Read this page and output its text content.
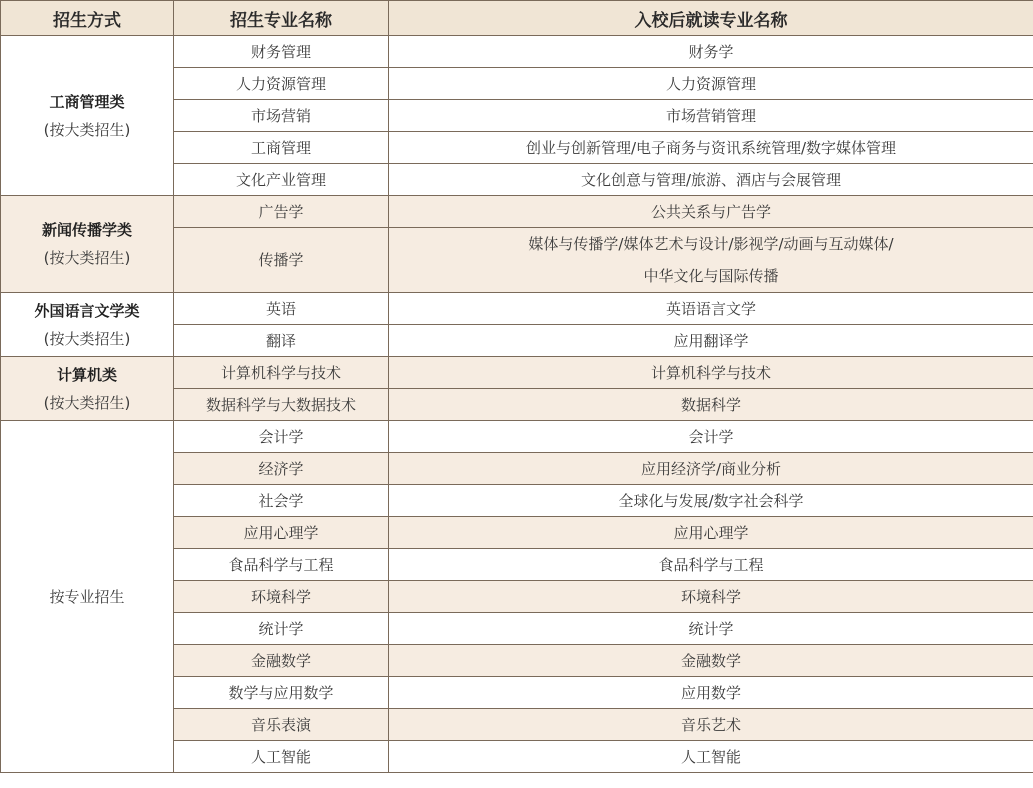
招生方式	招生专业名称	入校后就读专业名称

工商管理类
(按大类招生)	财务管理	财务学
	人力资源管理	人力资源管理
	市场营销	市场营销管理
	工商管理	创业与创新管理/电子商务与资讯系统管理/数字媒体管理
	文化产业管理	文化创意与管理/旅游、酒店与会展管理

新闻传播学类
(按大类招生)	广告学	公共关系与广告学
	传播学	媒体与传播学/媒体艺术与设计/影视学/动画与互动媒体/
中华文化与国际传播

外国语言文学类
(按大类招生)	英语	英语语言文学
	翻译	应用翻译学

计算机类
(按大类招生)	计算机科学与技术	计算机科学与技术
	数据科学与大数据技术	数据科学
按专业招生	会计学	会计学
	经济学	应用经济学/商业分析
	社会学	全球化与发展/数字社会科学
	应用心理学	应用心理学
	食品科学与工程	食品科学与工程
	环境科学	环境科学
	统计学	统计学
	金融数学	金融数学
	数学与应用数学	应用数学
	音乐表演	音乐艺术
	人工智能	人工智能
